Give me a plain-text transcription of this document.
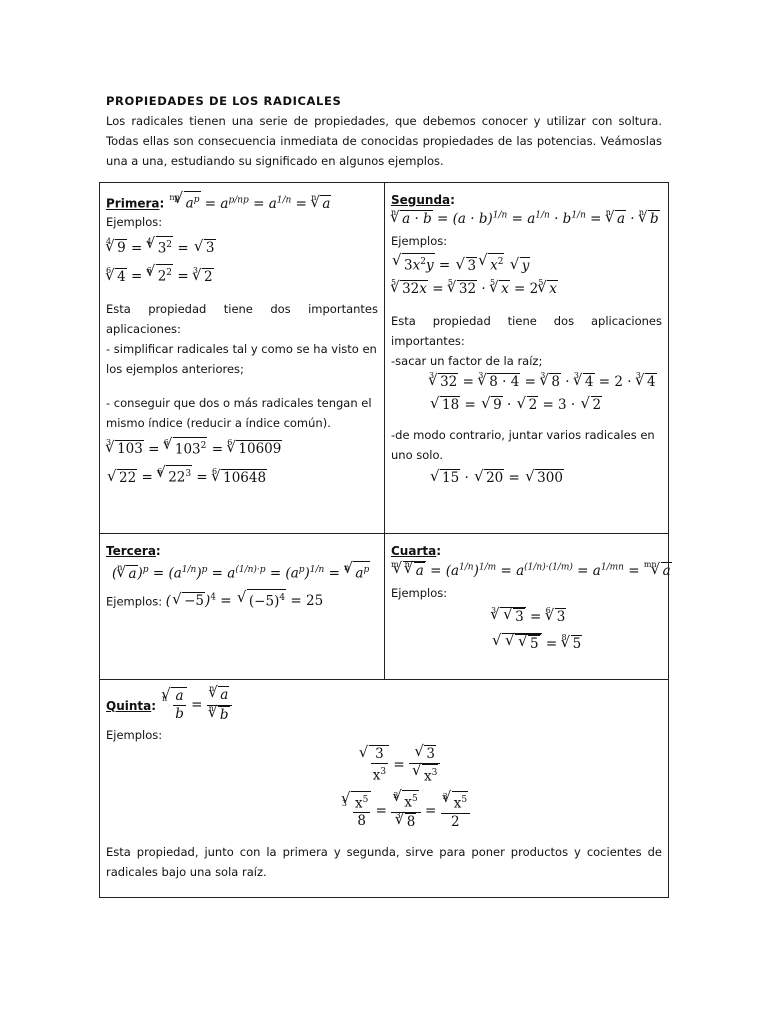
PROPIEDADES DE LOS RADICALES
Los radicales tienen una serie de propiedades, que debemos conocer y utilizar con soltura. Todas ellas son consecuencia inmediata de conocidas propiedades de las potencias. Veámoslas una a una, estudiando su significado en algunos ejemplos.
Primera: $^{np}$√ $a^p = a^{p/np} = a^{1/n} = ^n√$ a
Ejemplos:
$^4$√ 9 = $^4$√ $3^2$ = √ 3
$^6$√ 4 = $^6$√ $2^2 = ^3√$ 2
Esta propiedad tiene dos importantes aplicaciones:
- simplificar radicales tal y como se ha visto en los ejemplos anteriores;
- conseguir que dos o más radicales tengan el mismo índice (reducir a índice común).
$^3$√ 103 = $^6$√ $103^2 = ^6√$ 10609
√ 22 = $^6$√ $22^3 = ^6√$ 10648
Segunda:
$^n$√ $a \cdot b = (a \cdot b)^{1/n} = a^{1/n} \cdot b^{1/n} = ^n√$ a · $^n$√ b
Ejemplos:
√ $3x^2y$ = √ 3√ $x^2$ √ y
$^5$√ 32x = $^5$√ 32 · $^5$√ $x = 2^5√$ x
Esta propiedad tiene dos aplicaciones importantes:
-sacar un factor de la raíz;
$^3$√ 32 = $^3$√ 8 · 4 = $^3$√ 8 · $^3$√ 4 = 2 · $^3$√ 4
√ 18 = √ 9 · √ 2 = 3 · √ 2
-de modo contrario, juntar varios radicales en uno solo.
√ 15 · √ 20 = √ 300
Tercera:
($^n$√ $a)^p = (a^{1/n})^p = a^{(1/n)\cdot p} = (a^p)^{1/n} = ^n√$ $a^p$
Ejemplos: (√ −5)$^4$ = √ $(-5)^4 = 25$
Cuarta:
$^m$√ $^n$√ $a = (a^{1/n})^{1/m} = a^{(1/n)\cdot(1/m)} = a^{1/mn} = ^{mn}√$ a
Ejemplos:
$^3$√ √ 3 = $^6$√ 3
√ √ √ 5 = $^8$√ 5
Quinta : $^n$
√ $\frac{a}{b} = \frac{^n√ a}{^n√ b}$
Ejemplos:
√ $\frac{3}{x^3}$ =
√ 3
√ $x^3$
$^3$
√ $\frac{x^5}{8} = \frac{^3√ x^5}{^3√ 8} = \frac{^3√ x^5}{2}$
Esta propiedad, junto con la primera y segunda, sirve para poner productos y cocientes de radicales bajo una sola raíz.
